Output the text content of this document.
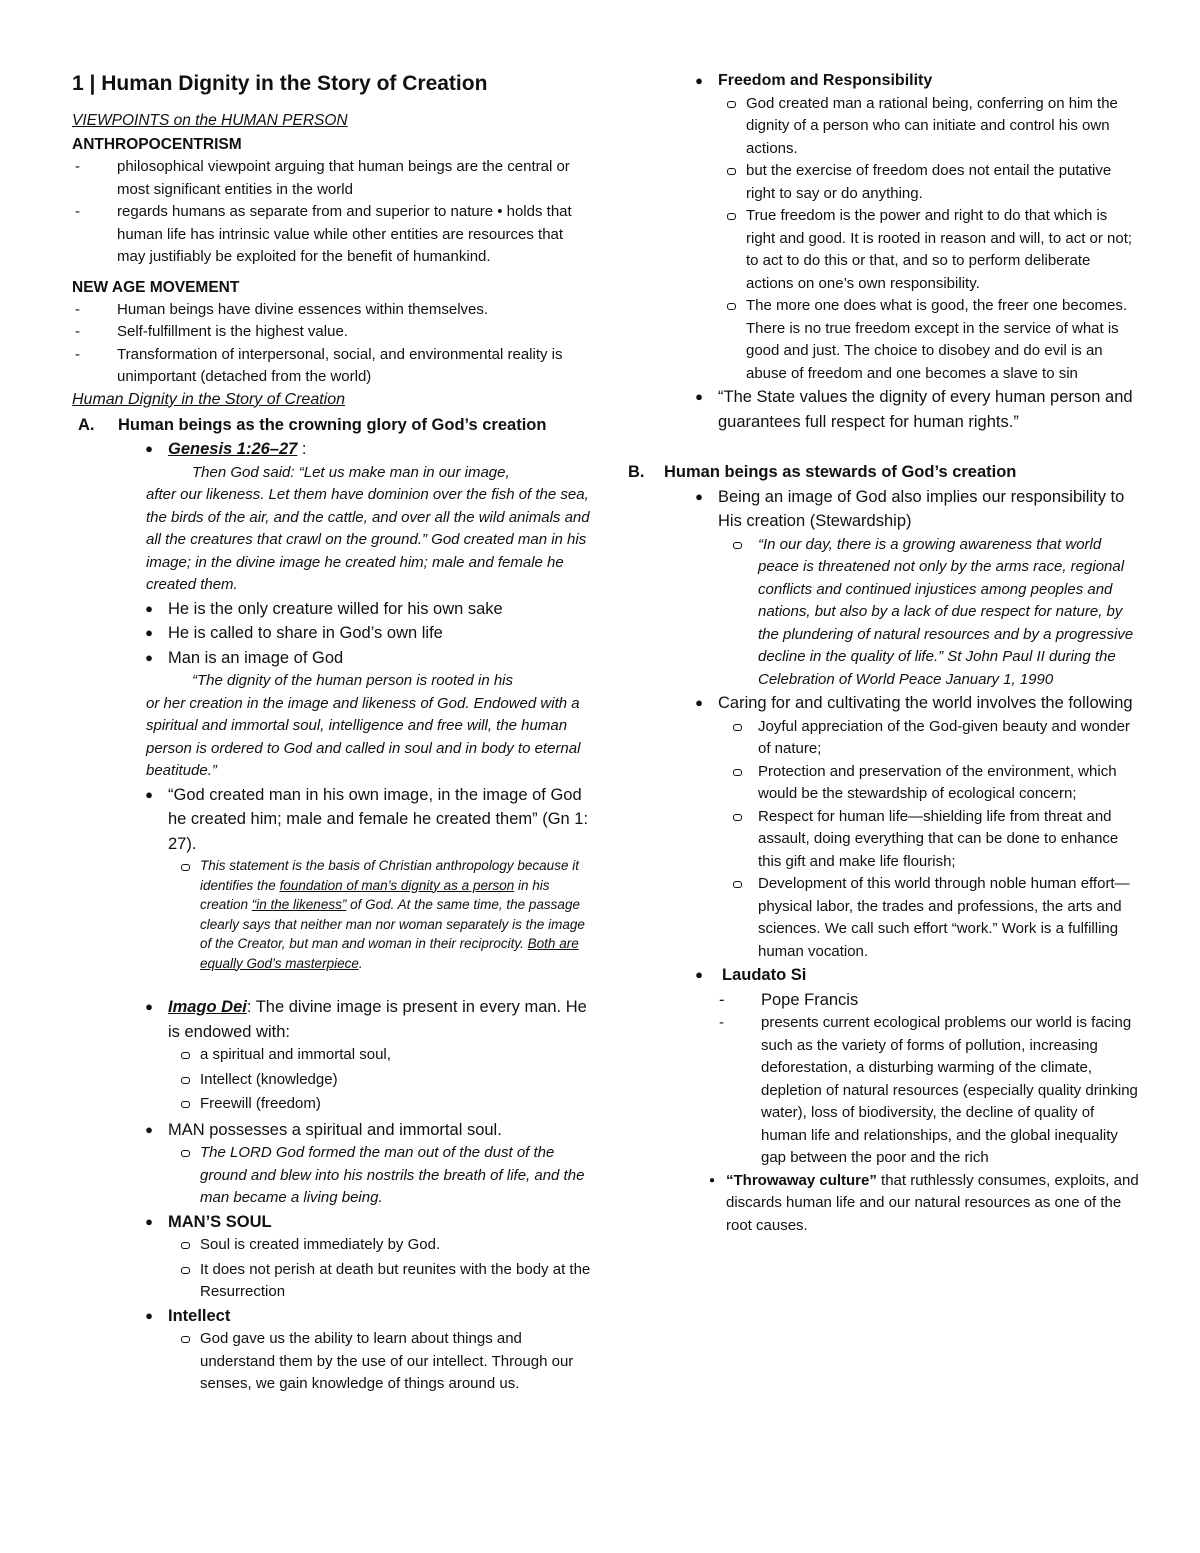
1 | Human Dignity in the Story of Creation
VIEWPOINTS on the HUMAN PERSON
ANTHROPOCENTRISM
-	philosophical viewpoint arguing that human beings are the central or most significant entities in the world
-	regards humans as separate from and superior to nature • holds that human life has intrinsic value while other entities are resources that may justifiably be exploited for the benefit of humankind.
NEW AGE MOVEMENT
-	Human beings have divine essences within themselves.
-	Self-fulfillment is the highest value.
-	Transformation of interpersonal, social, and environmental reality is unimportant (detached from the world)
Human Dignity in the Story of Creation
A.	Human beings as the crowning glory of God’s creation
● Genesis 1:26–27 :
Then God said: “Let us make man in our image,
after our likeness. Let them have dominion over the fish of the sea, the birds of the air, and the cattle, and over all the wild animals and all the creatures that crawl on the ground.” God created man in his image; in the divine image he created him; male and female he created them.
● He is the only creature willed for his own sake
● He is called to share in God’s own life
● Man is an image of God
“The dignity of the human person is rooted in his
or her creation in the image and likeness of God. Endowed with a spiritual and immortal soul, intelligence and free will, the human person is ordered to God and called in soul and in body to eternal beatitude.”
● “God created man in his own image, in the image of God he created him; male and female he created them” (Gn 1: 27).
This statement is the basis of Christian anthropology because it identifies the foundation of man’s dignity as a person in his creation “in the likeness” of God. At the same time, the passage clearly says that neither man nor woman separately is the image of the Creator, but man and woman in their reciprocity. Both are equally God’s masterpiece.
● Imago Dei: The divine image is present in every man. He is endowed with:
a spiritual and immortal soul,
Intellect (knowledge)
Freewill (freedom)
● MAN possesses a spiritual and immortal soul.
The LORD God formed the man out of the dust of the ground and blew into his nostrils the breath of life, and the man became a living being.
● MAN’S SOUL
Soul is created immediately by God.
It does not perish at death but reunites with the body at the Resurrection
● Intellect
God gave us the ability to learn about things and understand them by the use of our intellect. Through our senses, we gain knowledge of things around us.
● Freedom and Responsibility
God created man a rational being, conferring on him the dignity of a person who can initiate and control his own actions.
but the exercise of freedom does not entail the putative right to say or do anything.
True freedom is the power and right to do that which is right and good. It is rooted in reason and will, to act or not; to act to do this or that, and so to perform deliberate actions on one’s own responsibility.
The more one does what is good, the freer one becomes. There is no true freedom except in the service of what is good and just. The choice to disobey and do evil is an abuse of freedom and one becomes a slave to sin
● “The State values the dignity of every human person and guarantees full respect for human rights.”
B.	Human beings as stewards of God’s creation
● Being an image of God also implies our responsibility to His creation (Stewardship)
“In our day, there is a growing awareness that world peace is threatened not only by the arms race, regional conflicts and continued injustices among peoples and nations, but also by a lack of due respect for nature, by the plundering of natural resources and by a progressive decline in the quality of life.” St John Paul II during the Celebration of World Peace January 1, 1990
● Caring for and cultivating the world involves the following
Joyful appreciation of the God-given beauty and wonder of nature;
Protection and preservation of the environment, which would be the stewardship of ecological concern;
Respect for human life—shielding life from threat and assault, doing everything that can be done to enhance this gift and make life flourish;
Development of this world through noble human effort—physical labor, the trades and professions, the arts and sciences. We call such effort “work.” Work is a fulfilling human vocation.
●	Laudato Si
-	Pope Francis
-	presents current ecological problems our world is facing such as the variety of forms of pollution, increasing deforestation, a disturbing warming of the climate, depletion of natural resources (especially quality drinking water), loss of biodiversity, the decline of quality of human life and relationships, and the global inequality gap between the poor and the rich
● “Throwaway culture” that ruthlessly consumes, exploits, and discards human life and our natural resources as one of the root causes.
